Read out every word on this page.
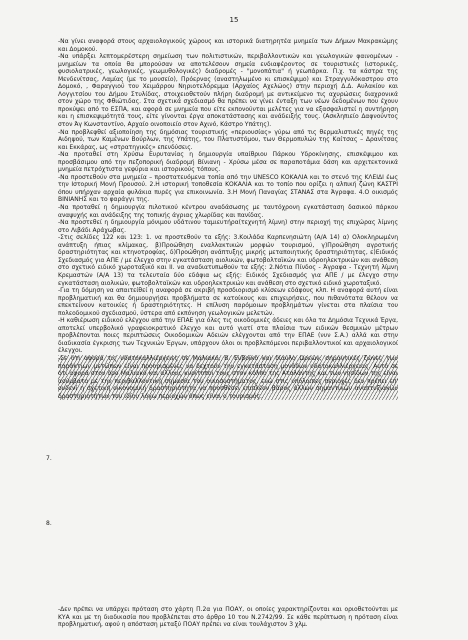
15

-Να γίνει αναφορά στους αρχαιολογικούς χώρους και ιστορικά διατηρητέα μνημεία των Δήμων Μακρακώμης και Δομοκού.

-Να υπάρξει λεπτομερέστερη σημείωση των πολιτιστικών, περιβαλλοντικών και γεωλογικών φαινομένων - μνημείων τα οποία θα μπορούσαν να αποτελέσουν σημεία ενδιαφέροντος σε τουριστικές (ιστορικές, φυσιολατρικές, γεωλογικές, γεωμυθολογικές) διαδρομές - "μονοπάτια" ή γεωπάρκα. Π.χ. τα κάστρα της Μενδενίτσας, Λαμίας (με το μουσείο), Πρόερνας (αναστηλωμένο κι επισκέψιμο) και Στραγγυλόκαστρου στο Δομοκό, , Φαραγγιού του Χειμάρρου Νηριοτελόρεμμα (Αρχαίος Αχελώος) στην περιοχή Δ.Δ. Αυλακίου και Λογγιτσίου του Δήμου Στυλίδας, στοιχειοθετούν πλήρη διαδρομή με αντικείμενο τις αχυρώσεις διαχρονικά στον χώρο της Φθιώτιδας. Στα σχετικά σχεδιασμό θα πρέπει να γίνει ένταξη των νέων δεδομένων που έχουν προκύψει από το ΕΣΠΑ, και αφορά σε μνημεία που είτε εκπονούνται μελέτες για να εξασφαλιστεί η συντήρηση και η επισκεψιμότητά τους, είτε γίνονται έργα αποκατάστασης και ανάδειξής τους. (Ασκληπιείο Δαφνούντος στον Άγ Κωνσταντίνο, Αρχαίο οινοποιείο στον Αχινό, Κάστρο Υπάτης).

-Να προβλεφθεί αξιοποίηση της δημόσιας τουριστικής «περιουσίας» γύρω από τις θερμαλιστικές πηγές της Αιδηψού, των Καμένων Βούρλων, της Υπάτης, του Πλατυστόμου, των Θερμοπυλών της Καίτσας – Δρανίτσας και Εκκάρας, ως «στρατηγικές» επενδύσεις.

-Να προταθεί στη Χρύσω Ευρυτανίας η δημιουργία υπαίθριου Πάρκου Υδροκίνησης, επισκέψιμου και προσβάσιμου από την πεζοπορική διαδρομή Βίνιανη - Χρύσω μέσα σε παραποτάμια δάση και αρχιτεκτονικά μνημεία πετρόχτιστα γεφύρια και ιστορικούς τόπους.

-Να προστεθούν στα μνημεία – προστατευόμενα τοπία από την UNESCO ΚΟΚΑΛΙΑ και το στενό της ΚΛΕΙΔΙ έως την Ιστορική Μονή Προυσού. 2.Η ιστορική τοποθεσία ΚΟΚΑΛΙΑ και το τοπίο που ορίζει η αλπική ζώνη ΚΑΣΤΡΙ όπου υπήρχαν αρχαία φυλάκια πυρές για επικοινωνία. 3.Η Μονή Παναγίας ΣΤΑΝΑΣ στα Άγραφα. 4.Ο οικισμός ΒΙΝΙΑΝΗΣ και το φαράγγι της.

-Να προταθεί η δημιουργία πιλοτικού κέντρου αναδάσωσης με ταυτόχρονη εγκατάσταση δασικού πάρκου αναψυχής και ανάδειξης της τοπικής άγριας χλωρίδας και πανίδας.

-Να προστεθεί η δημιουργία μόνιμου υδάτινου ταμιευτήρα(τεχνητή λίμνη) στην περιοχή της επιχώρας λίμνης στο Λιβάδι Αράχωβας.

-Στις σελίδες 122 και 123: 1. να προστεθούν τα εξής: 3.Κοιλάδα Καρπενησιώτη (Α/Α 14) α) Ολοκληρωμένη ανάπτυξη ήπιας κλίμακας, β)Προώθηση εναλλακτικών μορφών τουρισμού, γ)Προώθηση αγροτικής δραστηριότητας και κτηνοτροφίας, δ)Προώθηση ανάπτυξης μικρής μεταποιητικής δραστηριότητας, ε)Ειδικός Σχεδιασμός για ΑΠΕ / με έλεγχο στην εγκατάσταση αιολικών, φωτοβολταϊκών και υδροηλεκτρικών και ανάθεση στο σχετικό ειδικό χωροταξικό και ΙΙ. να αναδιατυπωθούν τα εξής: 2.Νότια Πίνδος - Άγραφα - Τεχνητή λίμνη Κρεμαστών (Α/Α 13) τα τελευταία δύο εδάφια ως εξής: Ειδικός Σχεδιασμός για ΑΠΕ / με έλεγχο στην εγκατάσταση αιολικών, φωτοβολταϊκών και υδροηλεκτρικών και ανάθεση στο σχετικό ειδικό χωροταξικό.

-Για τη δόμηση να απαιτείθεί η αναφορά σε ακριβή προσδιορισμό κλίσεων εδάφους κλπ. Η αναφορά αυτή είναι προβληματική και θα δημιουργήσει προβλήματα σε κατοίκους και επιχειρήσεις, που πιθανότατα θέλουν να επεκτείνουν κατοικίες ή δραστηριότητες. Η επίλυση παρόμοιων προβλημάτων γίνεται στα πλαίσια του πολεοδομικού σχεδιασμού, ύστερα από εκπόνηση γεωλογικών μελετών.

-Η καθιέρωση ειδικού ελέγχου από την ΕΠΑΕ για όλες τις οικοδομικές άδειες και όλα τα Δημόσια Τεχνικά Έργα, αποτελεί υπερβολικό γραφειοκρατικό έλεγχο και αυτό γιατί στα πλαίσια των ειδικών θεσμικών μέτρων προβλέπονται ποιες περιπτώσεις Οικοδομικών Αδειών ελέγχονται από την ΕΠΑΕ (νυν Σ.Α.) αλλά και στην διαδικασία έγκρισης των Τεχνικών Έργων, υπάρχουν όλοι οι προβλεπόμενοι περιβαλλοντικοί και αρχαιολογικοί έλεγχοι.

-Σε ότι αφορά τις υδατοκαλλιέργειες σε Μαλιακό, Β. Ευβοϊκό και δίαυλο Ωρεών, σημαντικές ζώνες των παράκτιων μετώπων είναι προορισμένες να δεχτούν την εγκατάσταση μονάδων υδατοκαλλιέργειας. Αυτό σε ότι αφορά στον όρο Μαλιακό και αλλους κυρίτοποι τους στον κόλπο της Αταλάντης και των νησίδων της είναι ασύμβατο με την περιβαλλοντική σημασία του οικοσυστήματος, ενώ στις υπόλοιπες περιοχές δεν πρέπει επ' ουδενί η σχετική οικονομική δραστηριότητα να προσθέσει επιπλέον βάρος άλλων σημαντικών αναπτυξιακών δραστηριοτήτων του ιδίου λόγω περιοχών όπως είναι ο τουρισμός.

7.
8.
-Δεν πρέπει να υπάρχει πρόταση στο χάρτη Π.2α για ΠΟΑΥ, οι οποίες χαρακτηρίζονται και οριοθετούνται με ΚΥΑ και με τη διαδικασία που προβλέπεται στο άρθρο 10 του Ν.2742/99. Σε κάθε περίπτωση η πρόταση είναι προβληματική, αφού η απόσταση μεταξύ ΠΟΑΥ πρέπει να είναι τουλάχιστον 3 χλμ.
